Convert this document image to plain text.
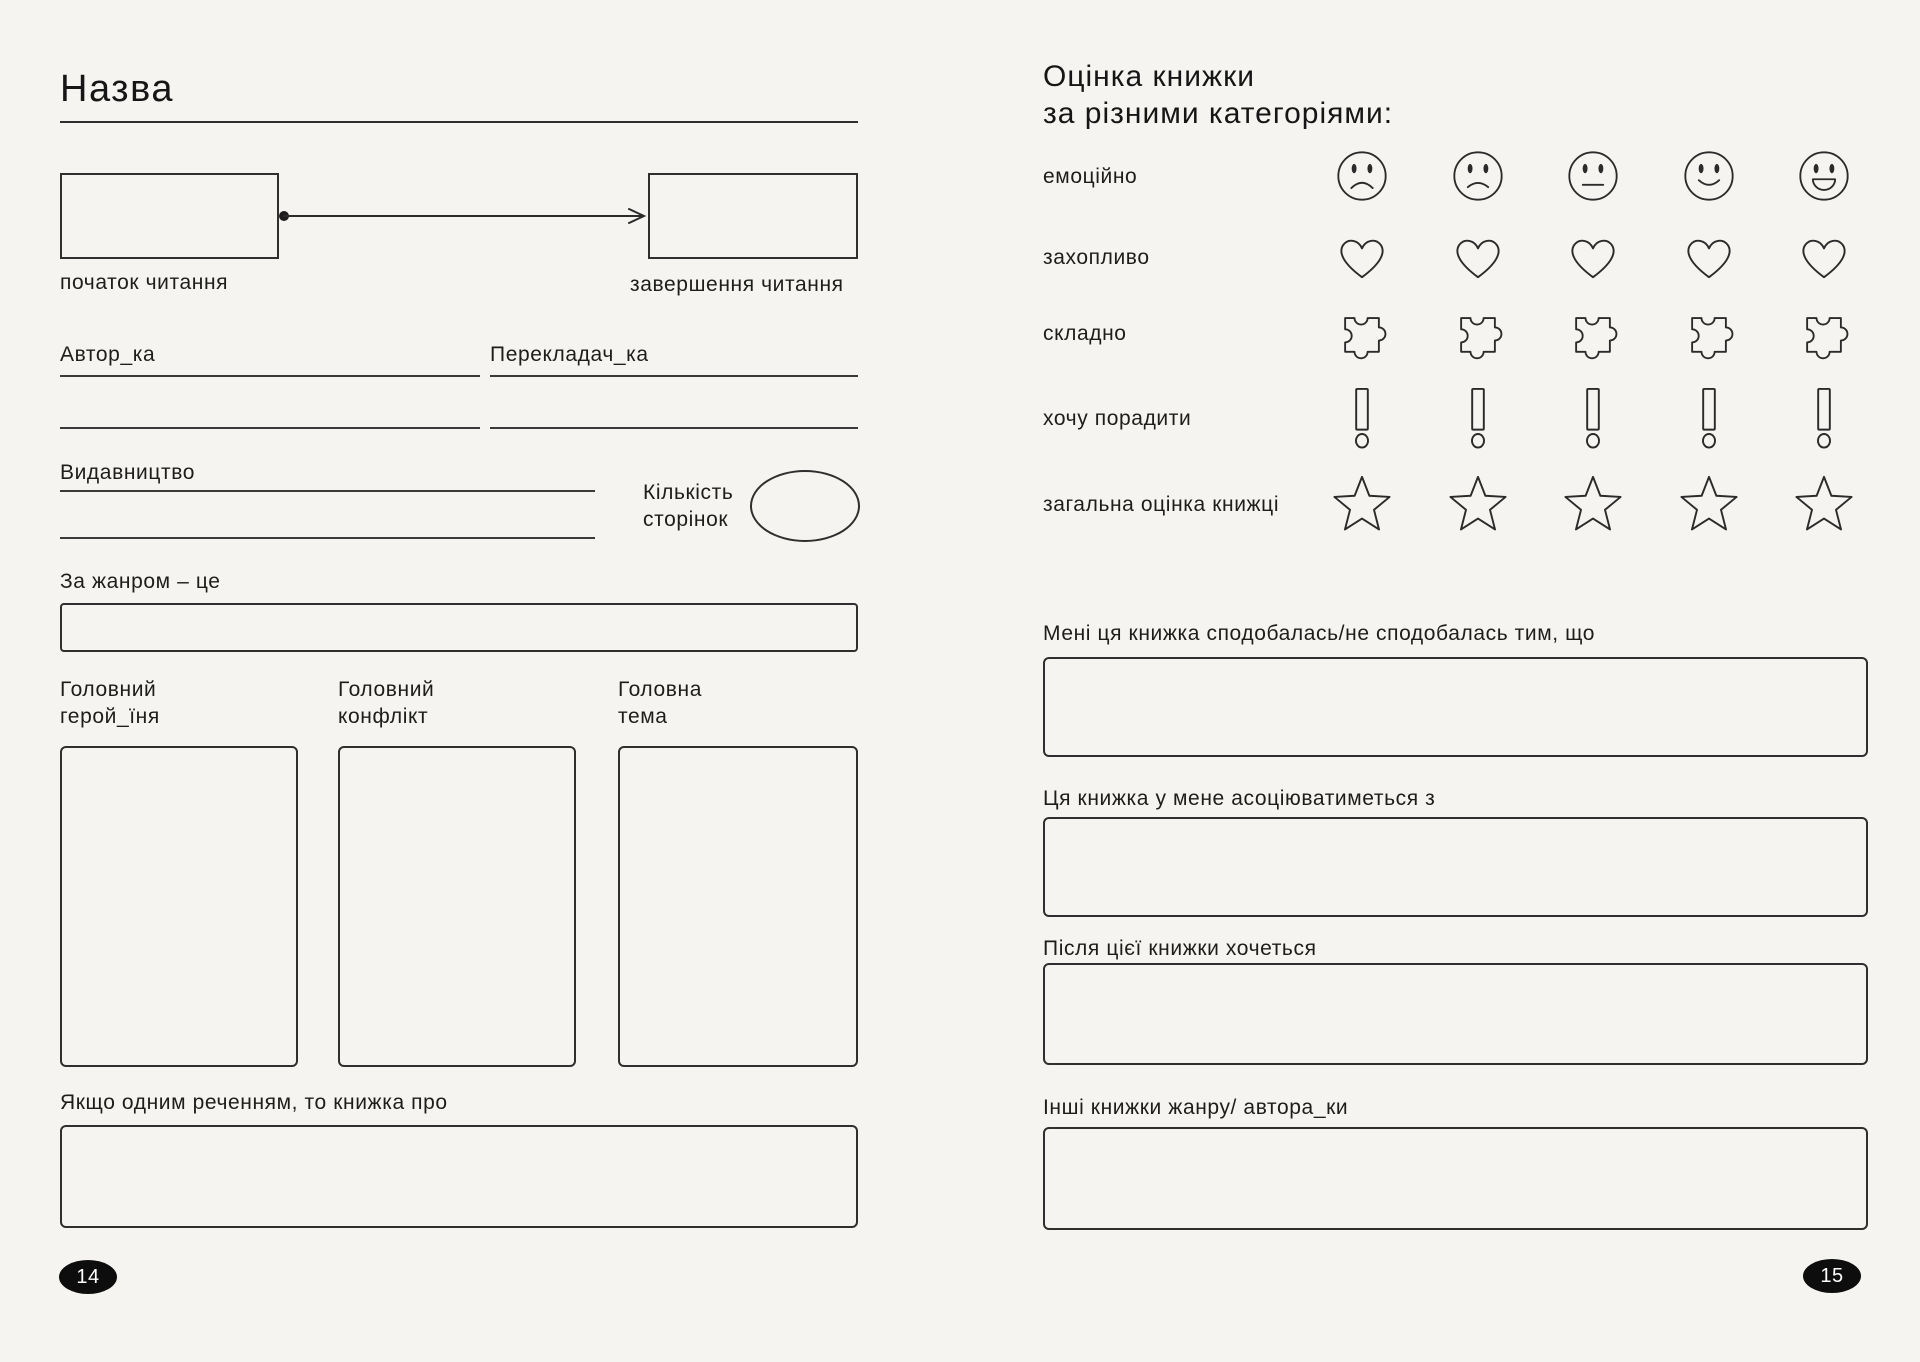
Назва
початок читання	завершення читання
Автор_ка	Перекладач_ка
Видавництво
Кількість
сторінок
За жанром – це
Головний
герой_їня
Головний
конфлікт
Головна
тема
Якщо одним реченням, то книжка про
14
Оцінка книжки
за різними категоріями:
емоційно
захопливо
складно
хочу порадити
загальна оцінка книжці
Мені ця книжка сподобалась/не сподобалась тим, що
Ця книжка у мене асоціюватиметься з
Після цієї книжки хочеться
Інші книжки жанру/ автора_ки
15
